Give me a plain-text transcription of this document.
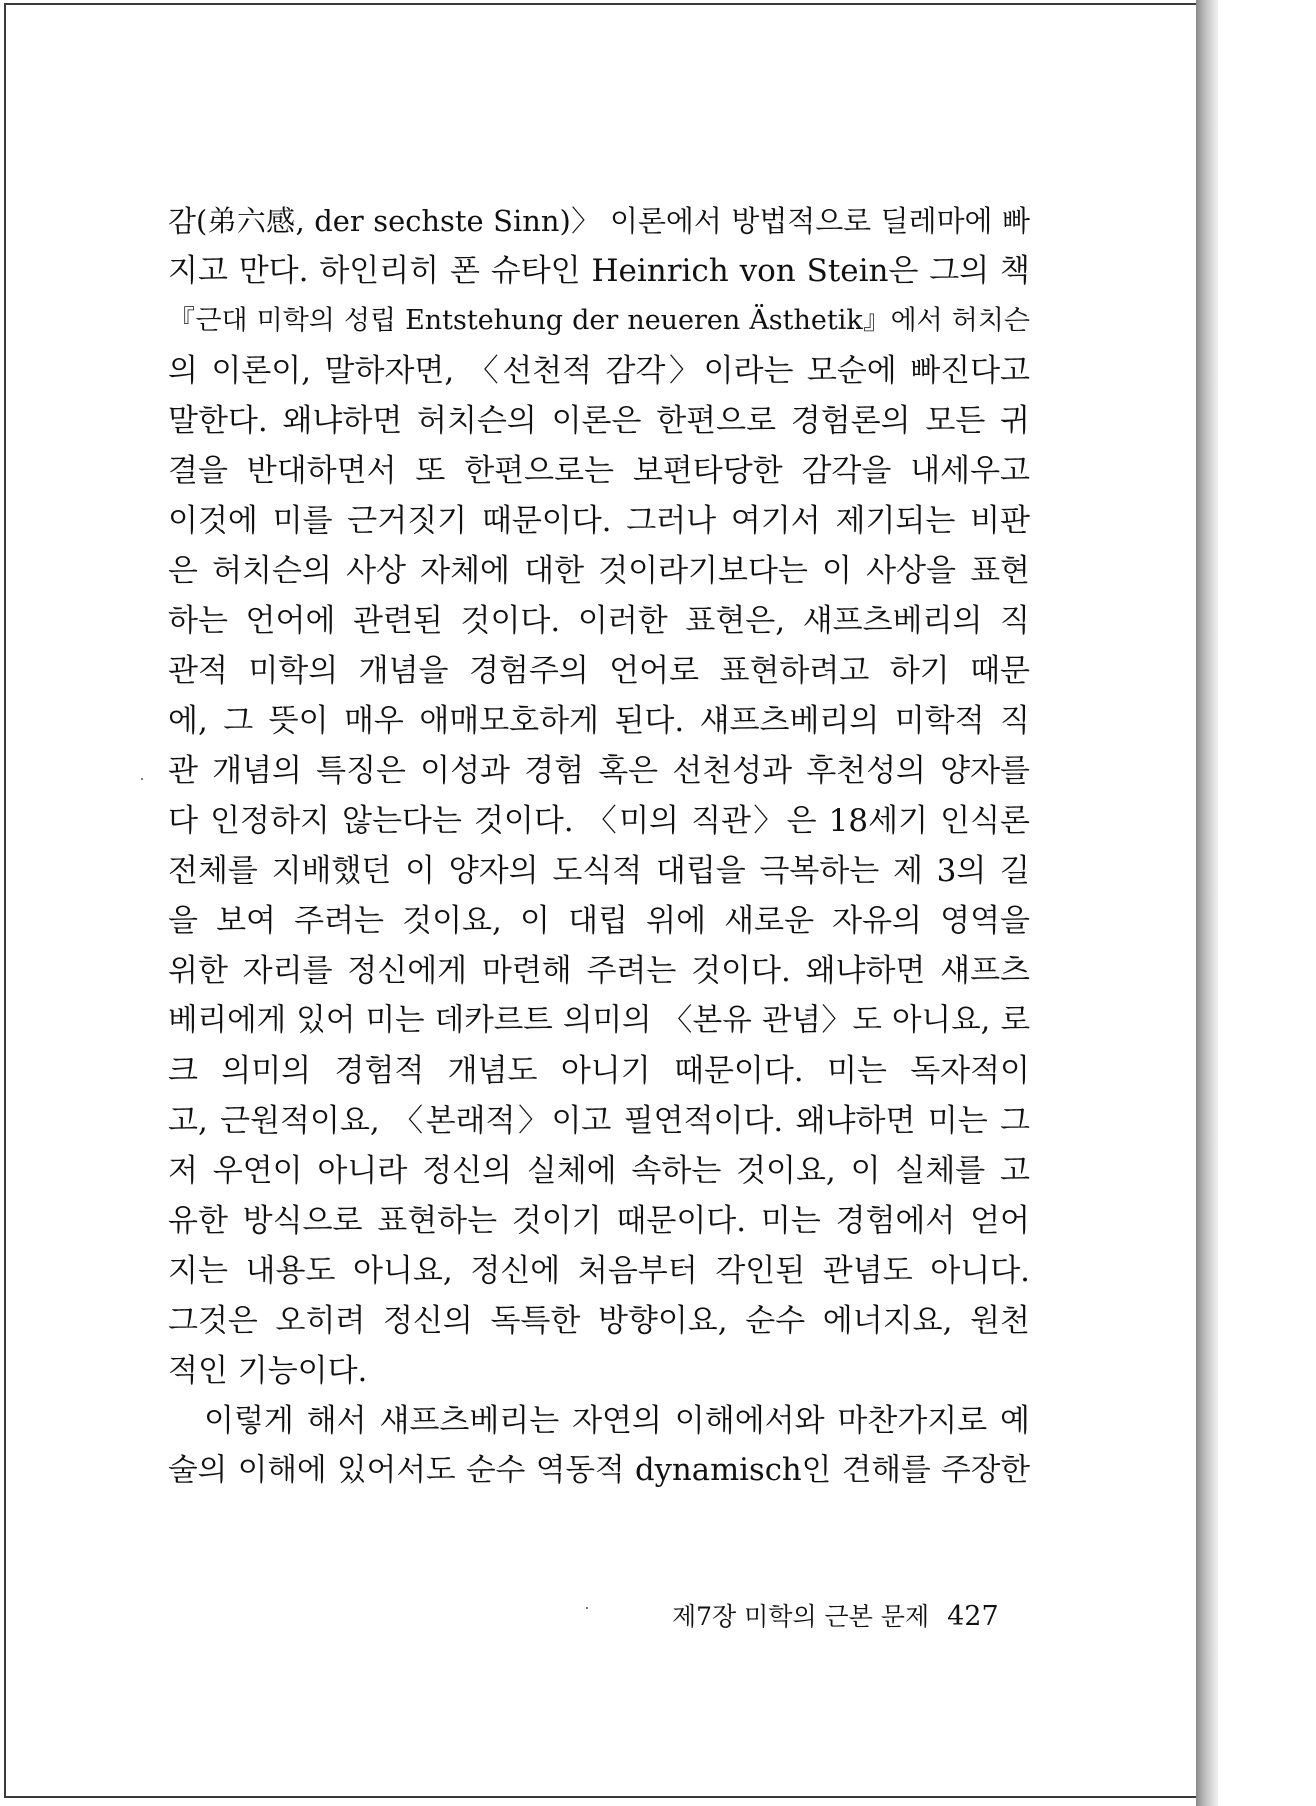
감(弟六感, der sechste Sinn)〉 이론에서 방법적으로 딜레마에 빠
지고 만다. 하인리히 폰 슈타인 Heinrich von Stein은 그의 책
『근대 미학의 성립 Entstehung der neueren Ästhetik』에서 허치슨
의 이론이, 말하자면, 〈선천적 감각〉이라는 모순에 빠진다고
말한다. 왜냐하면 허치슨의 이론은 한편으로 경험론의 모든 귀
결을 반대하면서 또 한편으로는 보편타당한 감각을 내세우고
이것에 미를 근거짓기 때문이다. 그러나 여기서 제기되는 비판
은 허치슨의 사상 자체에 대한 것이라기보다는 이 사상을 표현
하는 언어에 관련된 것이다. 이러한 표현은, 섀프츠베리의 직
관적 미학의 개념을 경험주의 언어로 표현하려고 하기 때문
에, 그 뜻이 매우 애매모호하게 된다. 섀프츠베리의 미학적 직
관 개념의 특징은 이성과 경험 혹은 선천성과 후천성의 양자를
다 인정하지 않는다는 것이다. 〈미의 직관〉은 18세기 인식론
전체를 지배했던 이 양자의 도식적 대립을 극복하는 제 3의 길
을 보여 주려는 것이요, 이 대립 위에 새로운 자유의 영역을
위한 자리를 정신에게 마련해 주려는 것이다. 왜냐하면 섀프츠
베리에게 있어 미는 데카르트 의미의 〈본유 관념〉도 아니요, 로
크 의미의 경험적 개념도 아니기 때문이다. 미는 독자적이
고, 근원적이요, 〈본래적〉이고 필연적이다. 왜냐하면 미는 그
저 우연이 아니라 정신의 실체에 속하는 것이요, 이 실체를 고
유한 방식으로 표현하는 것이기 때문이다. 미는 경험에서 얻어
지는 내용도 아니요, 정신에 처음부터 각인된 관념도 아니다.
그것은 오히려 정신의 독특한 방향이요, 순수 에너지요, 원천
적인 기능이다.
이렇게 해서 섀프츠베리는 자연의 이해에서와 마찬가지로 예
술의 이해에 있어서도 순수 역동적 dynamisch인 견해를 주장한
제7장 미학의 근본 문제 427
